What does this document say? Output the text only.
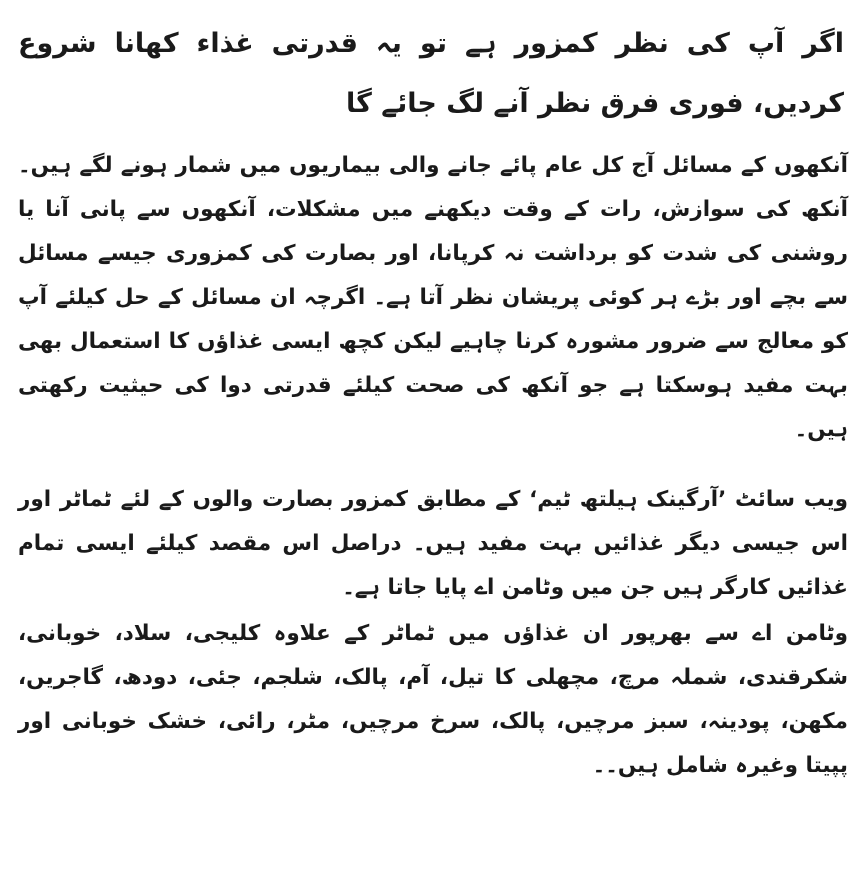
اگر آپ کی نظر کمزور ہے تو یہ قدرتی غذاء کھانا شروع کردیں، فوری فرق نظر آنے لگ جائے گا

آنکھوں کے مسائل آج کل عام پائے جانے والی بیماریوں میں شمار ہونے لگے ہیں۔ آنکھ کی سوازش، رات کے وقت دیکھنے میں مشکلات، آنکھوں سے پانی آنا یا روشنی کی شدت کو برداشت نہ کرپانا، اور بصارت کی کمزوری جیسے مسائل سے بچے اور بڑے ہر کوئی پریشان نظر آتا ہے۔ اگرچہ ان مسائل کے حل کیلئے آپ کو معالج سے ضرور مشورہ کرنا چاہیے لیکن کچھ ایسی غذاؤں کا استعمال بھی بہت مفید ہوسکتا ہے جو آنکھ کی صحت کیلئے قدرتی دوا کی حیثیت رکھتی ہیں۔

ویب سائٹ ’آرگینک ہیلتھ ٹیم‘ کے مطابق کمزور بصارت والوں کے لئے ٹماٹر اور اس جیسی دیگر غذائیں بہت مفید ہیں۔ دراصل اس مقصد کیلئے ایسی تمام غذائیں کارگر ہیں جن میں وٹامن اے پایا جاتا ہے۔

وٹامن اے سے بھرپور ان غذاؤں میں ٹماٹر کے علاوہ کلیجی، سلاد، خوبانی، شکرقندی، شملہ مرچ، مچھلی کا تیل، آم، پالک، شلجم، جئی، دودھ، گاجریں، مکھن، پودینہ، سبز مرچیں، پالک، سرخ مرچیں، مٹر، رائی، خشک خوبانی اور پپیتا وغیرہ شامل ہیں۔۔
